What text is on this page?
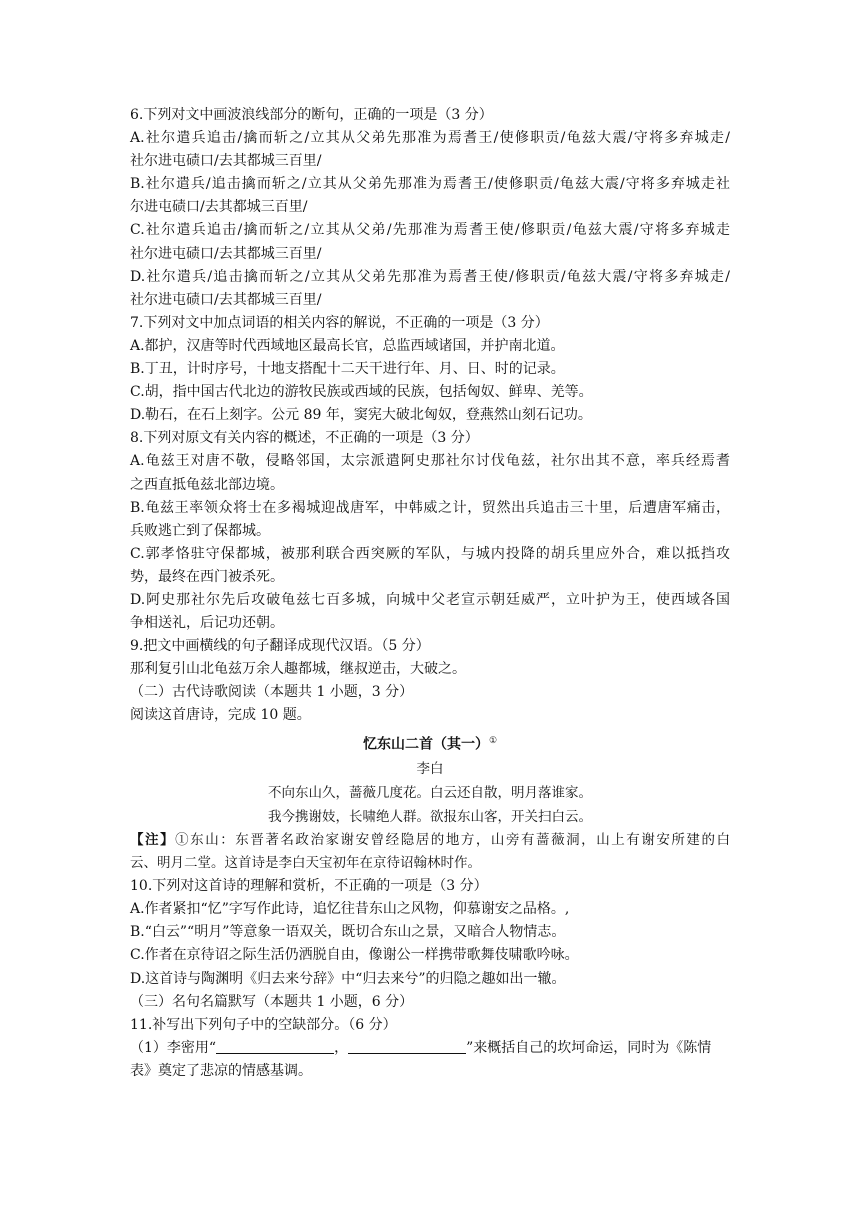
6.下列对文中画波浪线部分的断句，正确的一项是（3 分）
A.社尔遣兵追击/擒而斩之/立其从父弟先那准为焉耆王/使修职贡/龟兹大震/守将多弃城走/
社尔进屯碛口/去其都城三百里/
B.社尔遣兵/追击擒而斩之/立其从父弟先那准为焉耆王/使修职贡/龟兹大震/守将多弃城走社
尔进屯碛口/去其都城三百里/
C.社尔遣兵追击/擒而斩之/立其从父弟/先那准为焉耆王使/修职贡/龟兹大震/守将多弃城走
社尔进屯碛口/去其都城三百里/
D.社尔遣兵/追击擒而斩之/立其从父弟先那准为焉耆王使/修职贡/龟兹大震/守将多弃城走/
社尔进屯碛口/去其都城三百里/
7.下列对文中加点词语的相关内容的解说，不正确的一项是（3 分）
A.都护，汉唐等时代西域地区最高长官，总监西域诸国，并护南北道。
B.丁丑，计时序号，十地支搭配十二天干进行年、月、日、时的记录。
C.胡，指中国古代北边的游牧民族或西域的民族，包括匈奴、鲜卑、羌等。
D.勒石，在石上刻字。公元 89 年，窦宪大破北匈奴，登燕然山刻石记功。
8.下列对原文有关内容的概述，不正确的一项是（3 分）
A.龟兹王对唐不敬，侵略邻国，太宗派遣阿史那社尔讨伐龟兹，社尔出其不意，率兵经焉耆
之西直抵龟兹北部边境。
B.龟兹王率领众将士在多褐城迎战唐军，中韩威之计，贸然出兵追击三十里，后遭唐军痛击，
兵败逃亡到了保都城。
C.郭孝恪驻守保都城，被那利联合西突厥的军队，与城内投降的胡兵里应外合，难以抵挡攻
势，最终在西门被杀死。
D.阿史那社尔先后攻破龟兹七百多城，向城中父老宣示朝廷威严，立叶护为王，使西域各国
争相送礼，后记功还朝。
9.把文中画横线的句子翻译成现代汉语。（5 分）
那利复引山北龟兹万余人趣都城，继叔逆击，大破之。
（二）古代诗歌阅读（本题共 1 小题，3 分）
阅读这首唐诗，完成 10 题。
忆东山二首（其一）①
李白
不向东山久，蔷薇几度花。白云还自散，明月落谁家。
我今携谢妓，长啸绝人群。欲报东山客，开关扫白云。
【注】①东山：东晋著名政治家谢安曾经隐居的地方，山旁有蔷薇洞，山上有谢安所建的白
云、明月二堂。这首诗是李白天宝初年在京待诏翰林时作。
10.下列对这首诗的理解和赏析，不正确的一项是（3 分）
A.作者紧扣“忆”字写作此诗，追忆往昔东山之风物，仰慕谢安之品格。,
B.“白云”“明月”等意象一语双关，既切合东山之景，又暗合人物情志。
C.作者在京待诏之际生活仍洒脱自由，像谢公一样携带歌舞伎啸歌吟咏。
D.这首诗与陶渊明《归去来兮辞》中“归去来兮”的归隐之趣如出一辙。
（三）名句名篇默写（本题共 1 小题，6 分）
11.补写出下列句子中的空缺部分。（6 分）
（1）李密用“	，	”来概括自己的坎坷命运，同时为《陈情
表》奠定了悲凉的情感基调。
